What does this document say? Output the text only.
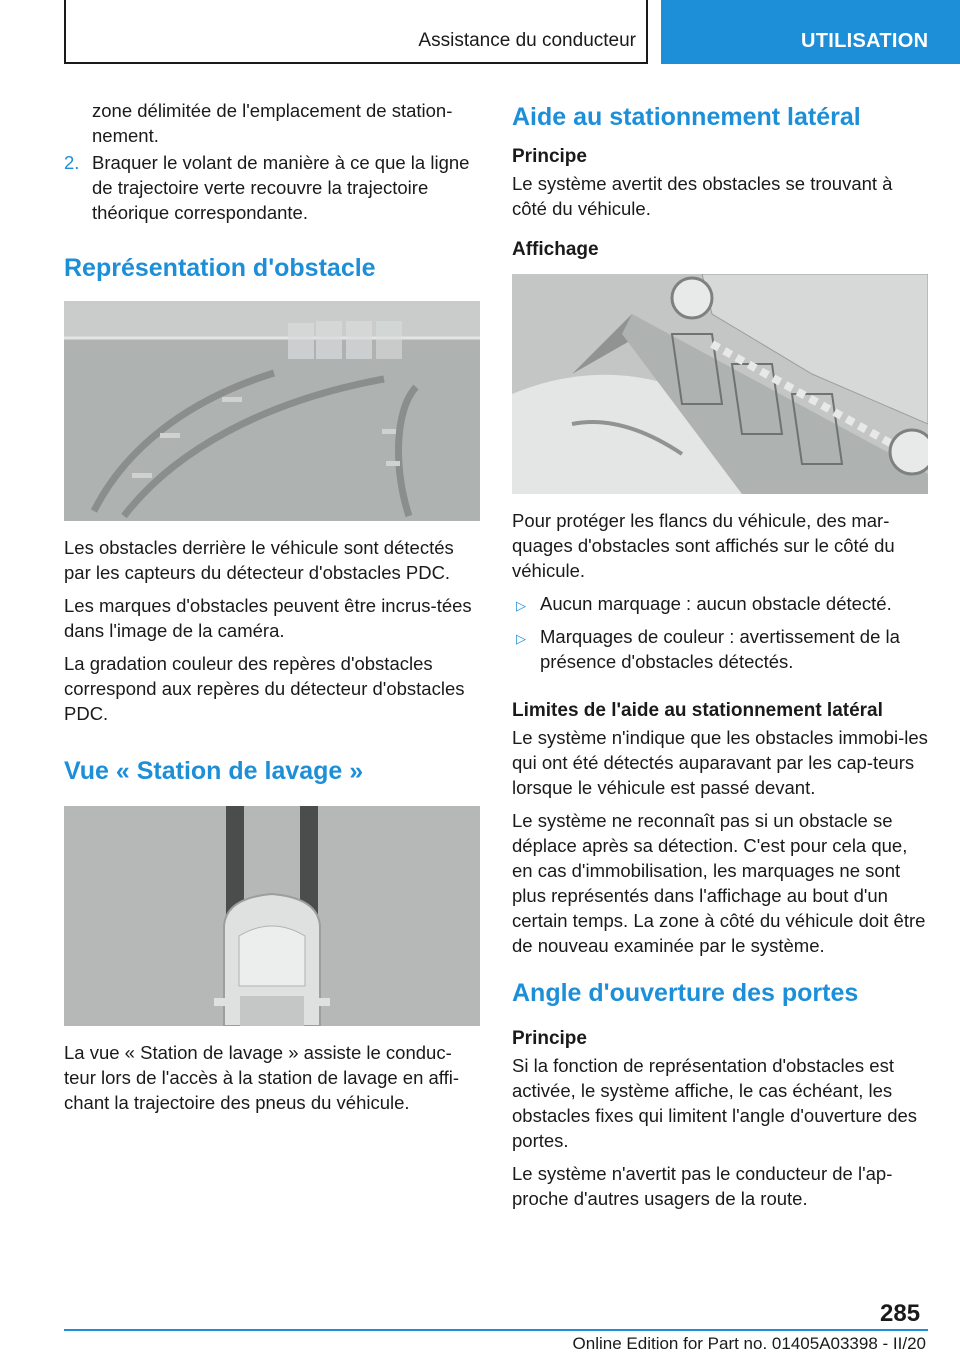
Assistance du conducteur	UTILISATION

zone délimitée de l'emplacement de station-nement.

2. Braquer le volant de manière à ce que la ligne de trajectoire verte recouvre la trajectoire théorique correspondante.
Représentation d'obstacle

Les obstacles derrière le véhicule sont détectés par les capteurs du détecteur d'obstacles PDC.

Les marques d'obstacles peuvent être incrus-tées dans l'image de la caméra.

La gradation couleur des repères d'obstacles correspond aux repères du détecteur d'obstacles PDC.

Vue « Station de lavage »

La vue « Station de lavage » assiste le conduc-teur lors de l'accès à la station de lavage en affi-chant la trajectoire des pneus du véhicule.

Aide au stationnement latéral
Principe

Le système avertit des obstacles se trouvant à côté du véhicule.

Affichage

Pour protéger les flancs du véhicule, des mar-quages d'obstacles sont affichés sur le côté du véhicule.

▷ Aucun marquage : aucun obstacle détecté.
▷ Marquages de couleur : avertissement de la présence d'obstacles détectés.
Limites de l'aide au stationnement latéral

Le système n'indique que les obstacles immobi-les qui ont été détectés auparavant par les cap-teurs lorsque le véhicule est passé devant.

Le système ne reconnaît pas si un obstacle se déplace après sa détection. C'est pour cela que, en cas d'immobilisation, les marquages ne sont plus représentés dans l'affichage au bout d'un certain temps. La zone à côté du véhicule doit être de nouveau examinée par le système.

Angle d'ouverture des portes
Principe

Si la fonction de représentation d'obstacles est activée, le système affiche, le cas échéant, les obstacles fixes qui limitent l'angle d'ouverture des portes.

Le système n'avertit pas le conducteur de l'ap-proche d'autres usagers de la route.

285
Online Edition for Part no. 01405A03398 - II/20
